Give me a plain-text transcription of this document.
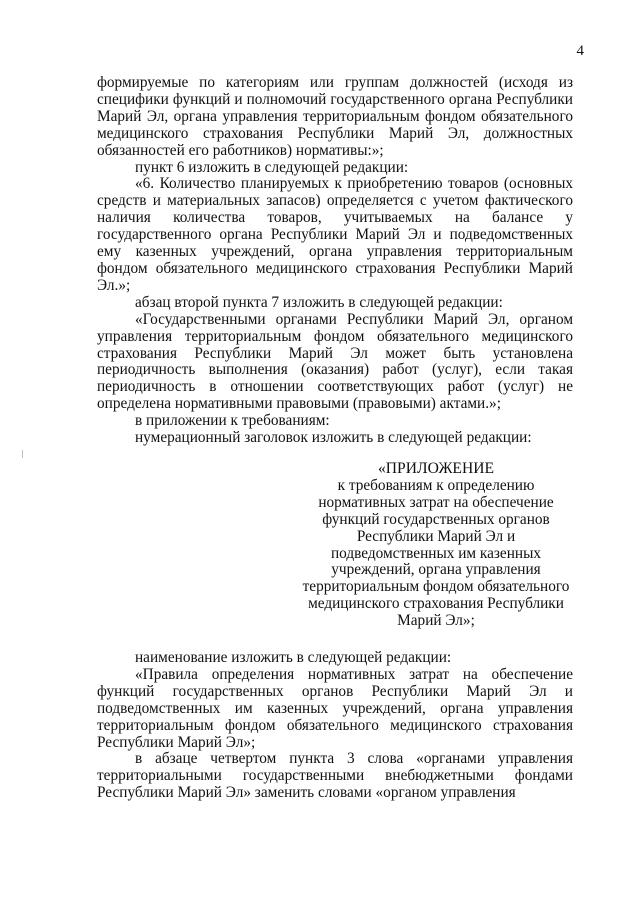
4

формируемые по категориям или группам должностей (исходя из специфики функций и полномочий государственного органа Республики Марий Эл, органа управления территориальным фондом обязательного медицинского страхования Республики Марий Эл, должностных обязанностей его работников) нормативы:»;

пункт 6 изложить в следующей редакции:

«6. Количество планируемых к приобретению товаров (основных средств и материальных запасов) определяется с учетом фактического наличия количества товаров, учитываемых на балансе у государственного органа Республики Марий Эл и подведомственных ему казенных учреждений, органа управления территориальным фондом обязательного медицинского страхования Республики Марий Эл.»;

абзац второй пункта 7 изложить в следующей редакции:

«Государственными органами Республики Марий Эл, органом управления территориальным фондом обязательного медицинского страхования Республики Марий Эл может быть установлена периодичность выполнения (оказания) работ (услуг), если такая периодичность в отношении соответствующих работ (услуг) не определена нормативными правовыми (правовыми) актами.»;

в приложении к требованиям:

нумерационный заголовок изложить в следующей редакции:

«ПРИЛОЖЕНИЕ
к требованиям к определению
нормативных затрат на обеспечение
функций государственных органов
Республики Марий Эл и
подведомственных им казенных
учреждений, органа управления
территориальным фондом обязательного
медицинского страхования Республики
Марий Эл»;

наименование изложить в следующей редакции:

«Правила определения нормативных затрат на обеспечение функций государственных органов Республики Марий Эл и подведомственных им казенных учреждений, органа управления территориальным фондом обязательного медицинского страхования Республики Марий Эл»;

в абзаце четвертом пункта 3 слова «органами управления территориальными государственными внебюджетными фондами Республики Марий Эл» заменить словами «органом управления
